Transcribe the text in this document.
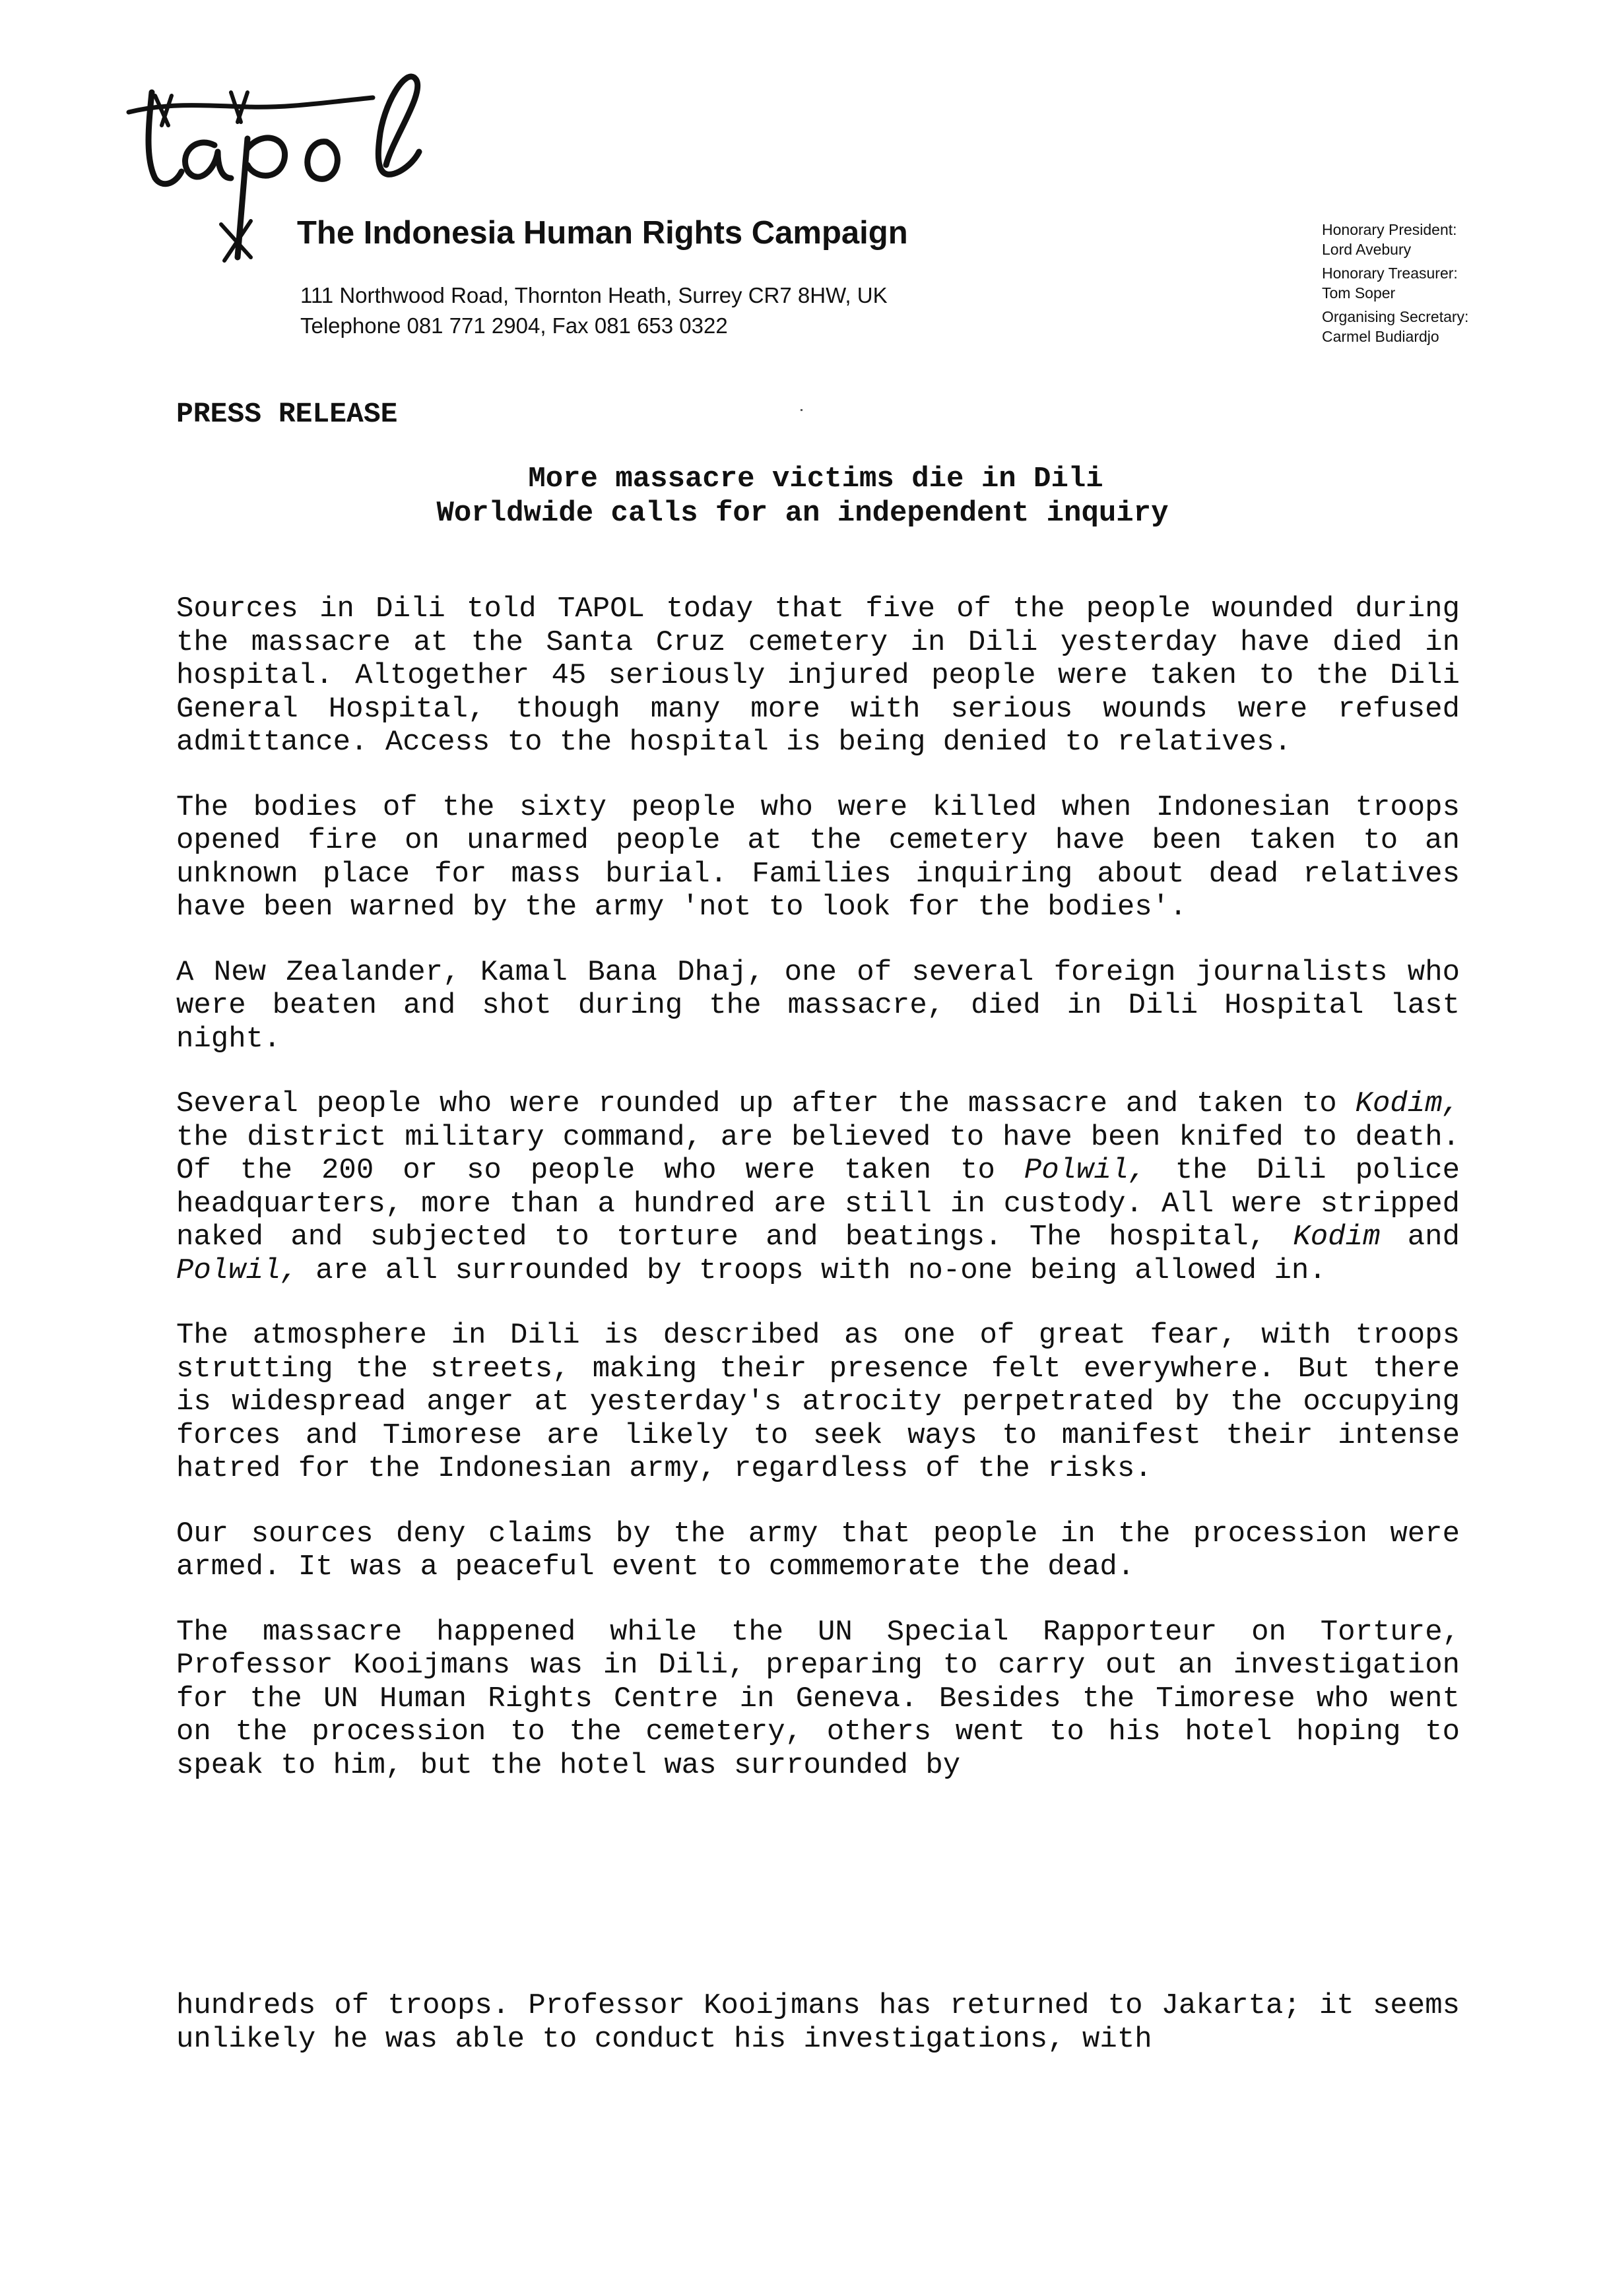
The Indonesia Human Rights Campaign
111 Northwood Road, Thornton Heath, Surrey CR7 8HW, UK
Telephone 081 771 2904, Fax 081 653 0322
Honorary President:
Lord Avebury
Honorary Treasurer:
Tom Soper
Organising Secretary:
Carmel Budiardjo
PRESS RELEASE
More massacre victims die in Dili
Worldwide calls for an independent inquiry

Sources in Dili told TAPOL today that five of the people wounded during the massacre at the Santa Cruz cemetery in Dili yesterday have died in hospital. Altogether 45 seriously injured people were taken to the Dili General Hospital, though many more with serious wounds were refused admittance. Access to the hospital is being denied to relatives.

The bodies of the sixty people who were killed when Indonesian troops opened fire on unarmed people at the cemetery have been taken to an unknown place for mass burial. Families inquiring about dead relatives have been warned by the army 'not to look for the bodies'.

A New Zealander, Kamal Bana Dhaj, one of several foreign journalists who were beaten and shot during the massacre, died in Dili Hospital last night.

Several people who were rounded up after the massacre and taken to Kodim, the district military command, are believed to have been knifed to death. Of the 200 or so people who were taken to Polwil, the Dili police headquarters, more than a hundred are still in custody. All were stripped naked and subjected to torture and beatings. The hospital, Kodim and Polwil, are all surrounded by troops with no-one being allowed in.

The atmosphere in Dili is described as one of great fear, with troops strutting the streets, making their presence felt everywhere. But there is widespread anger at yesterday's atrocity perpetrated by the occupying forces and Timorese are likely to seek ways to manifest their intense hatred for the Indonesian army, regardless of the risks.

Our sources deny claims by the army that people in the procession were armed. It was a peaceful event to commemorate the dead.

The massacre happened while the UN Special Rapporteur on Torture, Professor Kooijmans was in Dili, preparing to carry out an investigation for the UN Human Rights Centre in Geneva. Besides the Timorese who went on the procession to the cemetery, others went to his hotel hoping to speak to him, but the hotel was surrounded by

hundreds of troops. Professor Kooijmans has returned to Jakarta; it seems unlikely he was able to conduct his investigations, with
